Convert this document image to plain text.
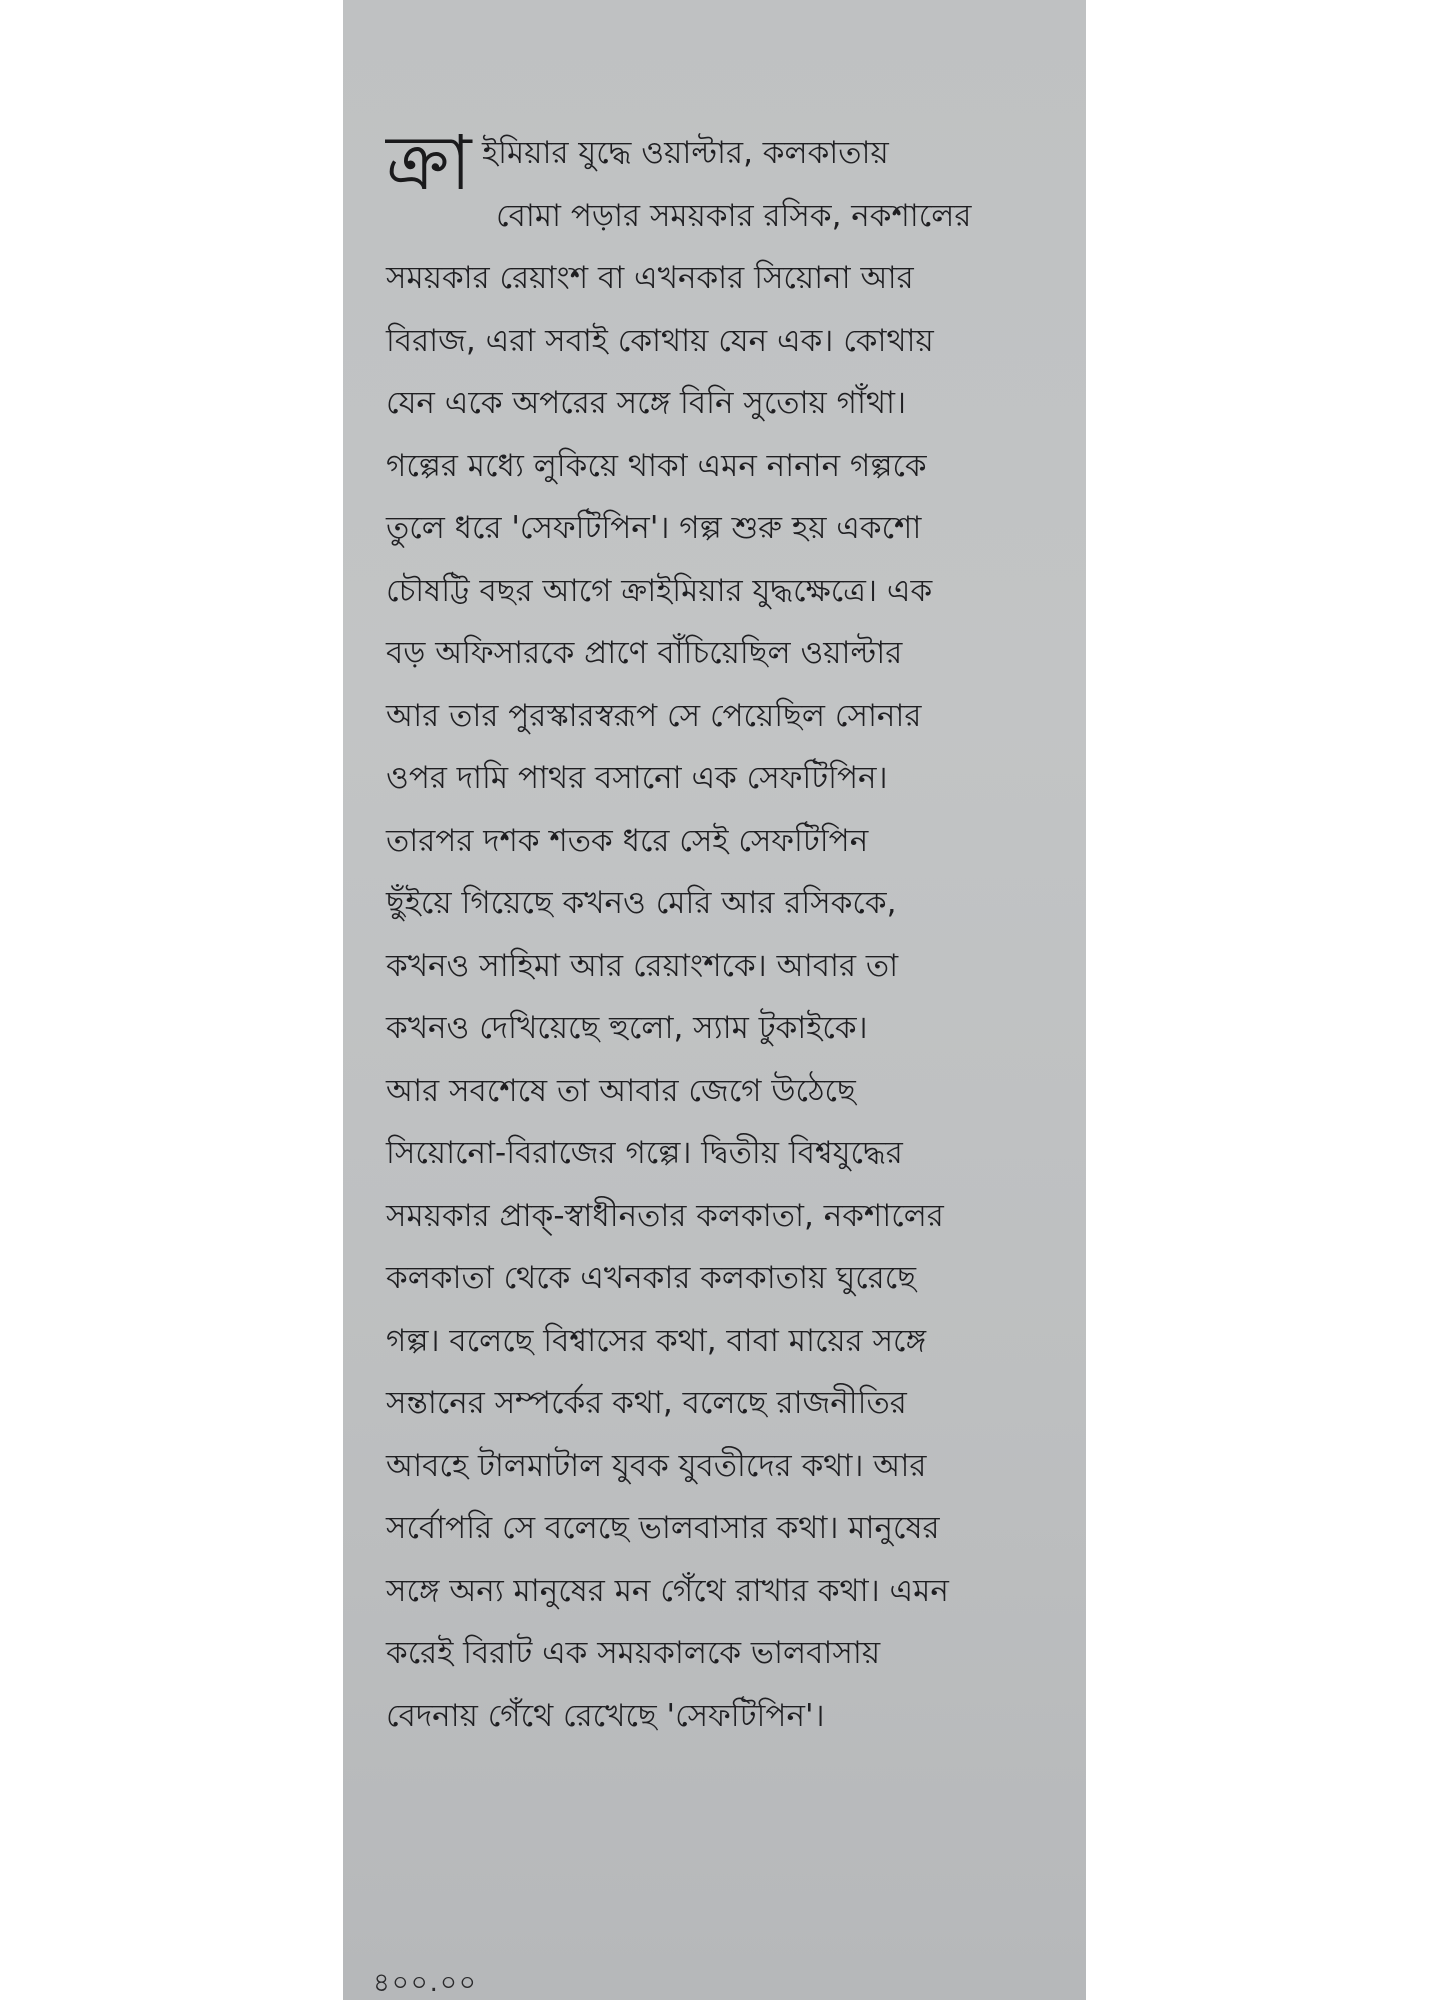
ক্রা ইমিয়ার যুদ্ধে ওয়াল্টার, কলকাতায়
বোমা পড়ার সময়কার রসিক, নকশালের
সময়কার রেয়াংশ বা এখনকার সিয়োনা আর
বিরাজ, এরা সবাই কোথায় যেন এক। কোথায়
যেন একে অপরের সঙ্গে বিনি সুতোয় গাঁথা।
গল্পের মধ্যে লুকিয়ে থাকা এমন নানান গল্পকে
তুলে ধরে 'সেফটিপিন'। গল্প শুরু হয় একশো
চৌষট্টি বছর আগে ক্রাইমিয়ার যুদ্ধক্ষেত্রে। এক
বড় অফিসারকে প্রাণে বাঁচিয়েছিল ওয়াল্টার
আর তার পুরস্কারস্বরূপ সে পেয়েছিল সোনার
ওপর দামি পাথর বসানো এক সেফটিপিন।
তারপর দশক শতক ধরে সেই সেফটিপিন
ছুঁইয়ে গিয়েছে কখনও মেরি আর রসিককে,
কখনও সাহিমা আর রেয়াংশকে। আবার তা
কখনও দেখিয়েছে হুলো, স্যাম টুকাইকে।
আর সবশেষে তা আবার জেগে উঠেছে
সিয়োনো-বিরাজের গল্পে। দ্বিতীয় বিশ্বযুদ্ধের
সময়কার প্রাক্-স্বাধীনতার কলকাতা, নকশালের
কলকাতা থেকে এখনকার কলকাতায় ঘুরেছে
গল্প। বলেছে বিশ্বাসের কথা, বাবা মায়ের সঙ্গে
সন্তানের সম্পর্কের কথা, বলেছে রাজনীতির
আবহে টালমাটাল যুবক যুবতীদের কথা। আর
সর্বোপরি সে বলেছে ভালবাসার কথা। মানুষের
সঙ্গে অন্য মানুষের মন গেঁথে রাখার কথা। এমন
করেই বিরাট এক সময়কালকে ভালবাসায়
বেদনায় গেঁথে রেখেছে 'সেফটিপিন'।
৪০০.০০
